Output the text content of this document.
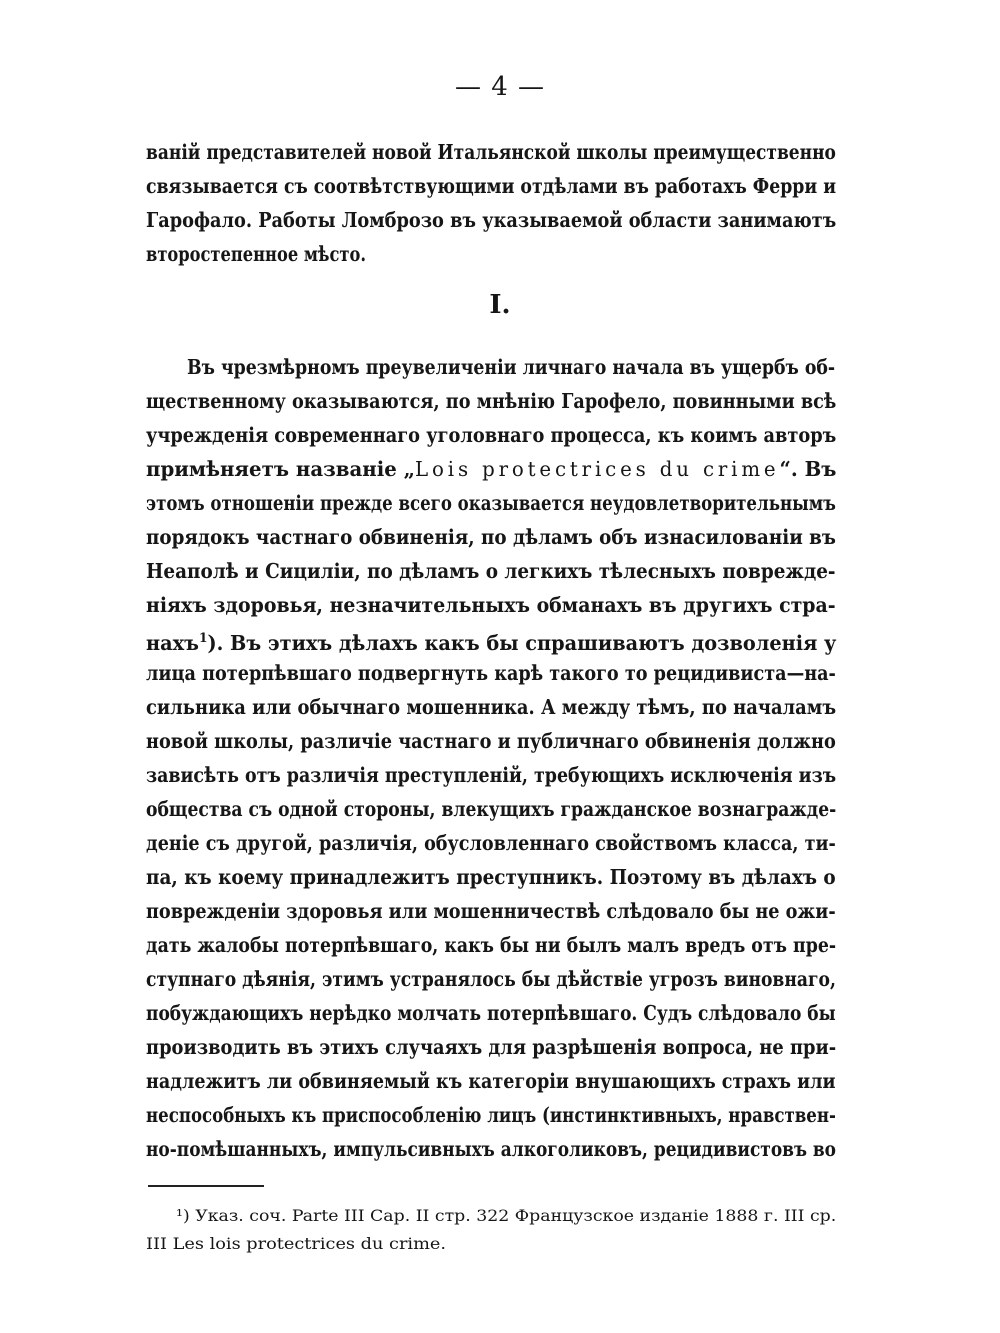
— 4 —
ваній представителей новой Итальянской школы преимущественно
связывается съ соотвѣтствующими отдѣлами въ работахъ Ферри и
Гарофало. Работы Ломброзо въ указываемой области занимаютъ
второстепенное мѣсто.
I.
Въ чрезмѣрномъ преувеличеніи личнаго начала въ ущербъ об-
щественному оказываются, по мнѣнію Гарофело, повинными всѣ
учрежденія современнаго уголовнаго процесса, къ коимъ авторъ
примѣняетъ названіе „Lois protectrices du crime“. Въ
этомъ отношеніи прежде всего оказывается неудовлетворительнымъ
порядокъ частнаго обвиненія, по дѣламъ объ изнасилованіи въ
Неаполѣ и Сициліи, по дѣламъ о легкихъ тѣлесныхъ поврежде-
ніяхъ здоровья, незначительныхъ обманахъ въ другихъ стра-
нахъ$^1$). Въ этихъ дѣлахъ какъ бы спрашиваютъ дозволенія у
лица потерпѣвшаго подвергнуть карѣ такого то рецидивиста—на-
сильника или обычнаго мошенника. А между тѣмъ, по началамъ
новой школы, различіе частнаго и публичнаго обвиненія должно
зависѣть отъ различія преступленій, требующихъ исключенія изъ
общества съ одной стороны, влекущихъ гражданское вознагражде-
деніе съ другой, различія, обусловленнаго свойствомъ класса, ти-
па, къ коему принадлежитъ преступникъ. Поэтому въ дѣлахъ о
поврежденіи здоровья или мошенничествѣ слѣдовало бы не ожи-
дать жалобы потерпѣвшаго, какъ бы ни былъ малъ вредъ отъ пре-
ступнаго дѣянія, этимъ устранялось бы дѣйствіе угрозъ виновнаго,
побуждающихъ нерѣдко молчать потерпѣвшаго. Судъ слѣдовало бы
производить въ этихъ случаяхъ для разрѣшенія вопроса, не при-
надлежитъ ли обвиняемый къ категоріи внушающихъ страхъ или
неспособныхъ къ приспособленію лицъ (инстинктивныхъ, нравствен-
но-помѣшанныхъ, импульсивныхъ алкоголиковъ, рецидивистовъ во
¹) Указ. соч. Parte III Cap. II стр. 322 Французское изданіе 1888 г. III ср.
III Les lois protectrices du crime.
